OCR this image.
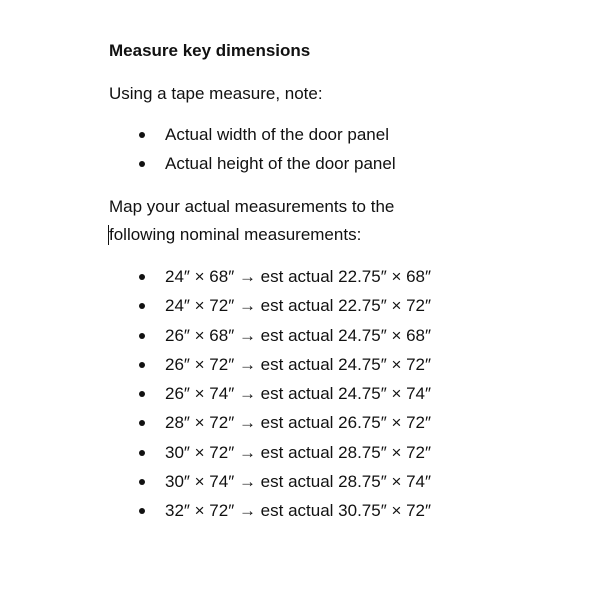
Measure key dimensions

Using a tape measure, note:

Actual width of the door panel
Actual height of the door panel

Map your actual measurements to the following nominal measurements:

24″ × 68″ → est actual 22.75″ × 68″
24″ × 72″ → est actual 22.75″ × 72″
26″ × 68″ → est actual 24.75″ × 68″
26″ × 72″ → est actual 24.75″ × 72″
26″ × 74″ → est actual 24.75″ × 74″
28″ × 72″ → est actual 26.75″ × 72″
30″ × 72″ → est actual 28.75″ × 72″
30″ × 74″ → est actual 28.75″ × 74″
32″ × 72″ → est actual 30.75″ × 72″
